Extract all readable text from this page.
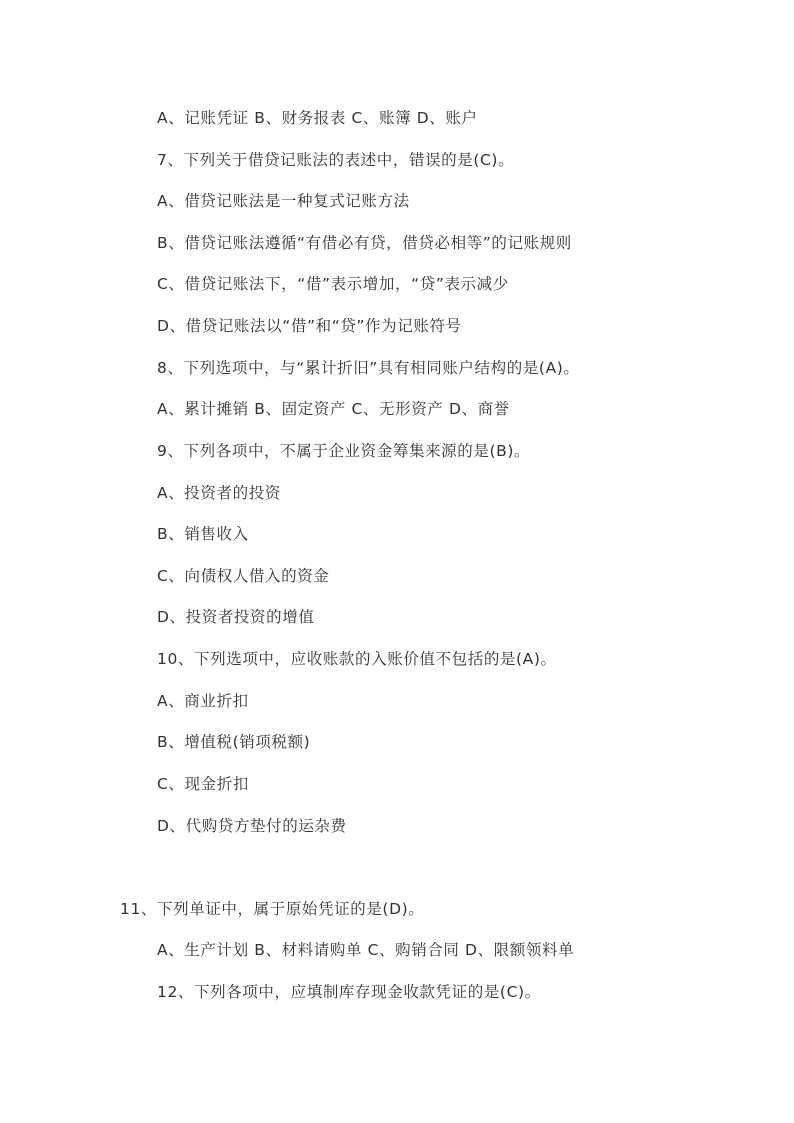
A、记账凭证 B、财务报表 C、账簿 D、账户
7、下列关于借贷记账法的表述中，错误的是(C)。
A、借贷记账法是一种复式记账方法
B、借贷记账法遵循“有借必有贷，借贷必相等”的记账规则
C、借贷记账法下，“借”表示增加，“贷”表示减少
D、借贷记账法以“借”和“贷”作为记账符号
8、下列选项中，与“累计折旧”具有相同账户结构的是(A)。
A、累计摊销 B、固定资产 C、无形资产 D、商誉
9、下列各项中，不属于企业资金筹集来源的是(B)。
A、投资者的投资
B、销售收入
C、向债权人借入的资金
D、投资者投资的增值
10、下列选项中，应收账款的入账价值不包括的是(A)。
A、商业折扣
B、增值税(销项税额)
C、现金折扣
D、代购贷方垫付的运杂费
11、下列单证中，属于原始凭证的是(D)。
A、生产计划 B、材料请购单 C、购销合同 D、限额领料单
12、下列各项中，应填制库存现金收款凭证的是(C)。
